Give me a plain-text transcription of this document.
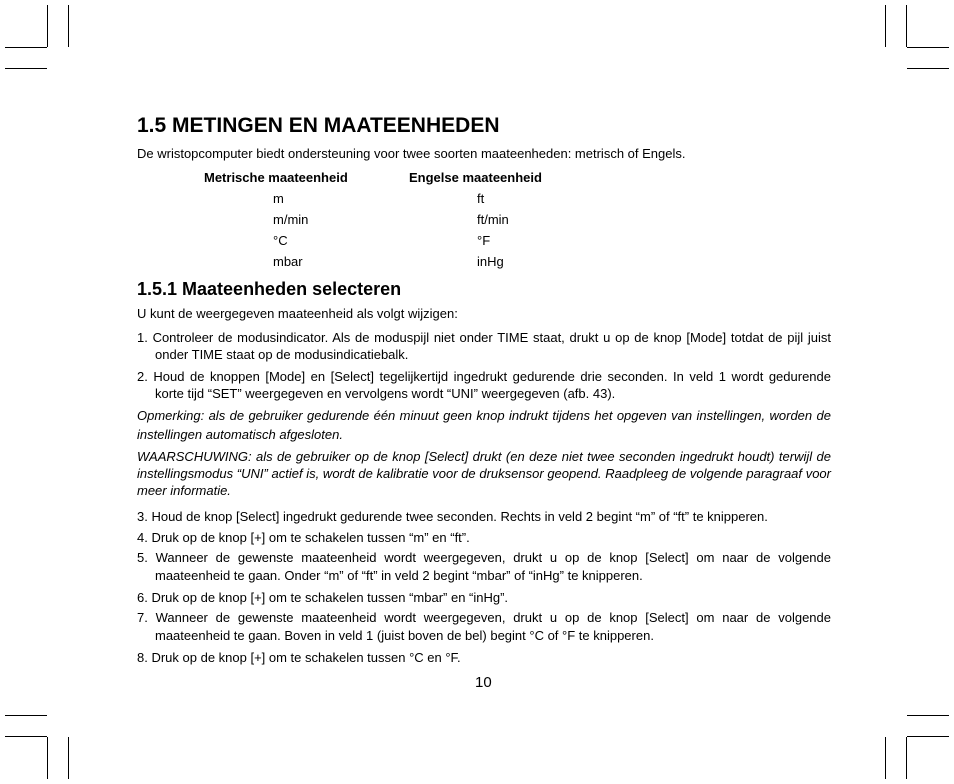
1.5 METINGEN EN MAATEENHEDEN
De wristopcomputer biedt ondersteuning voor twee soorten maateenheden: metrisch of Engels.
Metrische maateenheid	Engelse maateenheid
m	ft
m/min	ft/min
°C	°F
mbar	inHg
1.5.1 Maateenheden selecteren
U kunt de weergegeven maateenheid als volgt wijzigen:
1. Controleer de modusindicator. Als de moduspijl niet onder TIME staat, drukt u op de knop [Mode] totdat de pijl juist onder TIME staat op de modusindicatiebalk.
2. Houd de knoppen [Mode] en [Select] tegelijkertijd ingedrukt gedurende drie seconden. In veld 1 wordt gedurende korte tijd “SET” weergegeven en vervolgens wordt “UNI” weergegeven (afb. 43).
Opmerking: als de gebruiker gedurende één minuut geen knop indrukt tijdens het opgeven van instellingen, worden de instellingen automatisch afgesloten.
WAARSCHUWING: als de gebruiker op de knop [Select] drukt (en deze niet twee seconden ingedrukt houdt) terwijl de instellingsmodus “UNI” actief is, wordt de kalibratie voor de druksensor geopend. Raadpleeg de volgende paragraaf voor meer informatie.
3. Houd de knop [Select] ingedrukt gedurende twee seconden. Rechts in veld 2 begint “m” of “ft” te knipperen.
4. Druk op de knop [+] om te schakelen tussen “m” en “ft”.
5. Wanneer de gewenste maateenheid wordt weergegeven, drukt u op de knop [Select] om naar de volgende maateenheid te gaan. Onder “m” of “ft” in veld 2 begint “mbar” of “inHg” te knipperen.
6. Druk op de knop [+] om te schakelen tussen “mbar” en “inHg”.
7. Wanneer de gewenste maateenheid wordt weergegeven, drukt u op de knop [Select] om naar de volgende maateenheid te gaan. Boven in veld 1 (juist boven de bel) begint °C of °F te knipperen.
8. Druk op de knop [+] om te schakelen tussen °C en °F.
10
